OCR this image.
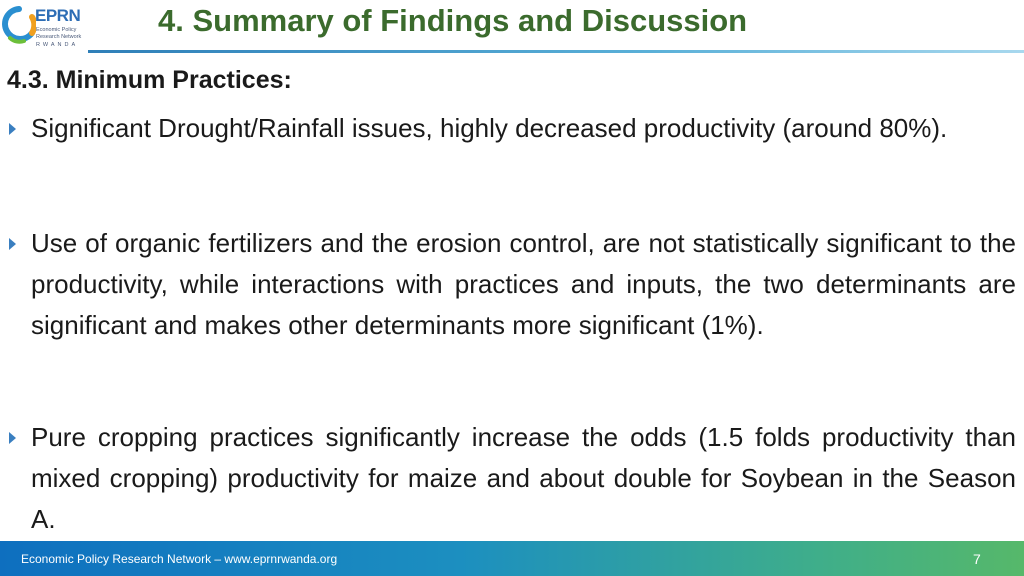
EPRN
Economic Policy
Research Network
RWANDA
4. Summary of Findings and Discussion
4.3. Minimum Practices:
Significant Drought/Rainfall issues, highly decreased productivity (around 80%).
Use of organic fertilizers and the erosion control, are not statistically significant to the productivity, while interactions with practices and inputs, the two determinants are significant and makes other determinants more significant (1%).
Pure cropping practices significantly increase the odds (1.5 folds productivity than mixed cropping) productivity for maize and about double for Soybean in the Season A.
Economic Policy Research Network – www.eprnrwanda.org	7
